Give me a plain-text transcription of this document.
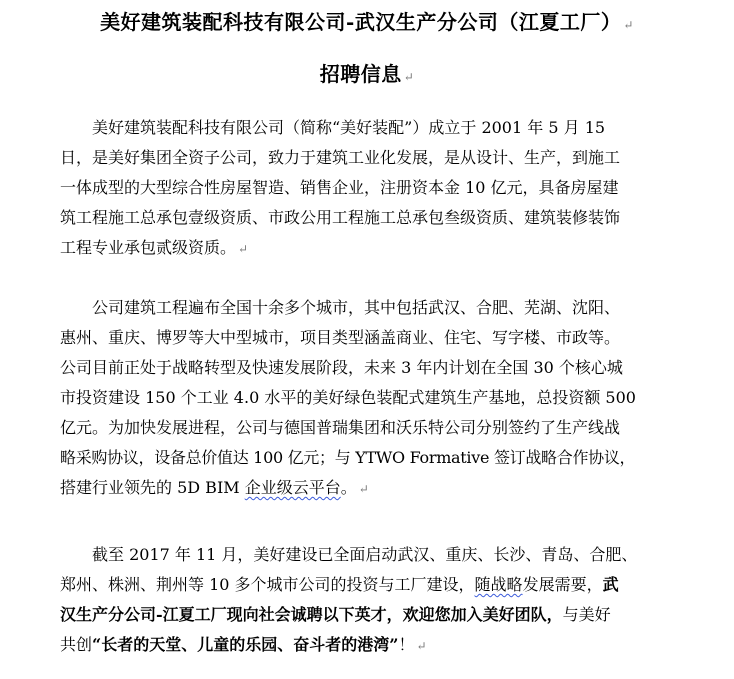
美好建筑装配科技有限公司-武汉生产分公司（江夏工厂） ↵
招聘信息 ↵
美好建筑装配科技有限公司（简称“美好装配”）成立于 2001 年 5 月 15
日，是美好集团全资子公司，致力于建筑工业化发展，是从设计、生产，到施工
一体成型的大型综合性房屋智造、销售企业，注册资本金 10 亿元，具备房屋建
筑工程施工总承包壹级资质、市政公用工程施工总承包叁级资质、建筑装修装饰
工程专业承包贰级资质。 ↵
公司建筑工程遍布全国十余多个城市，其中包括武汉、合肥、芜湖、沈阳、
惠州、重庆、博罗等大中型城市，项目类型涵盖商业、住宅、写字楼、市政等。
公司目前正处于战略转型及快速发展阶段，未来 3 年内计划在全国 30 个核心城
市投资建设 150 个工业 4.0 水平的美好绿色装配式建筑生产基地，总投资额 500
亿元。为加快发展进程，公司与德国普瑞集团和沃乐特公司分别签约了生产线战
略采购协议，设备总价值达 100 亿元；与 YTWO Formative 签订战略合作协议，
搭建行业领先的 5D BIM 企业级云平台。 ↵
截至 2017 年 11 月，美好建设已全面启动武汉、重庆、长沙、青岛、合肥、
郑州、株洲、荆州等 10 多个城市公司的投资与工厂建设，随战略发展需要，武
汉生产分公司-江夏工厂现向社会诚聘以下英才，欢迎您加入美好团队，与美好
共创“长者的天堂、儿童的乐园、奋斗者的港湾”！ ↵
